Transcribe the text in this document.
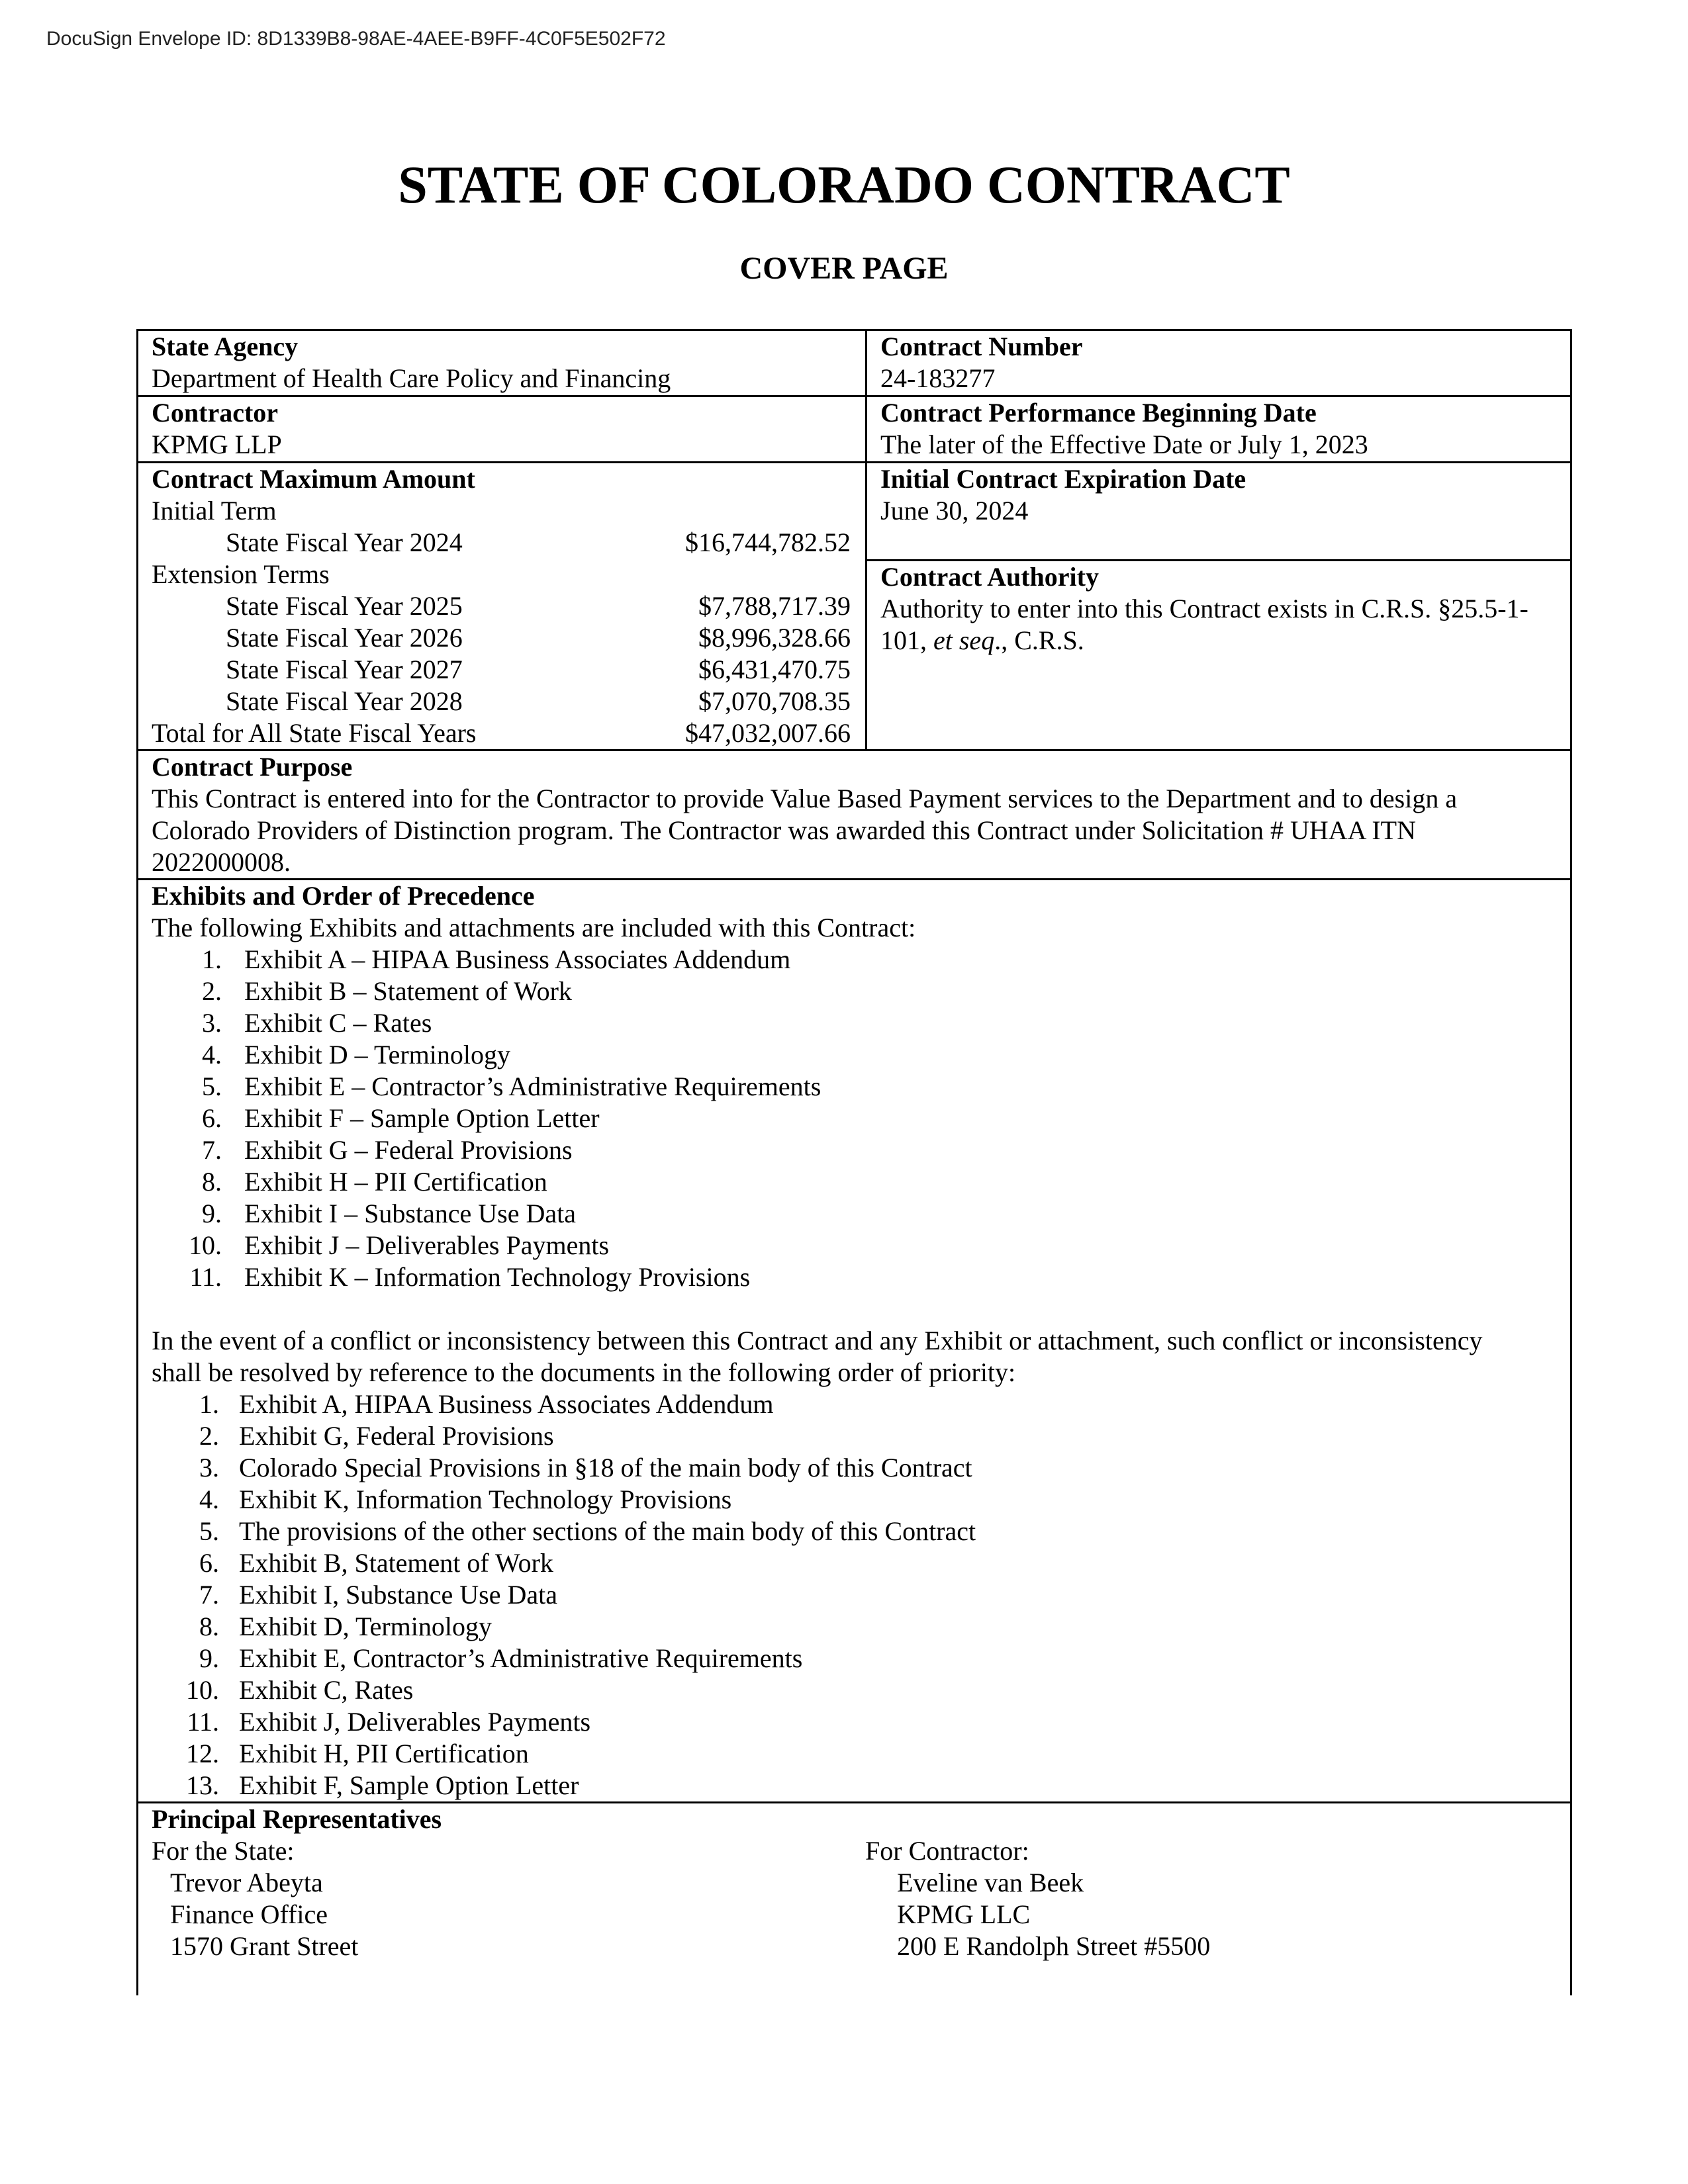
DocuSign Envelope ID: 8D1339B8-98AE-4AEE-B9FF-4C0F5E502F72
STATE OF COLORADO CONTRACT
COVER PAGE
State Agency
Department of Health Care Policy and Financing
Contract Number
24-183277
Contractor
KPMG LLP
Contract Performance Beginning Date
The later of the Effective Date or July 1, 2023
Contract Maximum Amount
Initial Term
State Fiscal Year 2024	$16,744,782.52
Extension Terms
State Fiscal Year 2025	$7,788,717.39
State Fiscal Year 2026	$8,996,328.66
State Fiscal Year 2027	$6,431,470.75
State Fiscal Year 2028	$7,070,708.35
Total for All State Fiscal Years	$47,032,007.66
Initial Contract Expiration Date
June 30, 2024
Contract Authority
Authority to enter into this Contract exists in C.R.S. §25.5-1-
101, et seq., C.R.S.
Contract Purpose
This Contract is entered into for the Contractor to provide Value Based Payment services to the Department and to design a
Colorado Providers of Distinction program. The Contractor was awarded this Contract under Solicitation # UHAA ITN
2022000008.
Exhibits and Order of Precedence
The following Exhibits and attachments are included with this Contract:
1. Exhibit A – HIPAA Business Associates Addendum
2. Exhibit B – Statement of Work
3. Exhibit C – Rates
4. Exhibit D – Terminology
5. Exhibit E – Contractor’s Administrative Requirements
6. Exhibit F – Sample Option Letter
7. Exhibit G – Federal Provisions
8. Exhibit H – PII Certification
9. Exhibit I – Substance Use Data
10. Exhibit J – Deliverables Payments
11. Exhibit K – Information Technology Provisions
In the event of a conflict or inconsistency between this Contract and any Exhibit or attachment, such conflict or inconsistency
shall be resolved by reference to the documents in the following order of priority:
1. Exhibit A, HIPAA Business Associates Addendum
2. Exhibit G, Federal Provisions
3. Colorado Special Provisions in §18 of the main body of this Contract
4. Exhibit K, Information Technology Provisions
5. The provisions of the other sections of the main body of this Contract
6. Exhibit B, Statement of Work
7. Exhibit I, Substance Use Data
8. Exhibit D, Terminology
9. Exhibit E, Contractor’s Administrative Requirements
10. Exhibit C, Rates
11. Exhibit J, Deliverables Payments
12. Exhibit H, PII Certification
13. Exhibit F, Sample Option Letter
Principal Representatives
For the State:
Trevor Abeyta
Finance Office
1570 Grant Street
For Contractor:
Eveline van Beek
KPMG LLC
200 E Randolph Street #5500
